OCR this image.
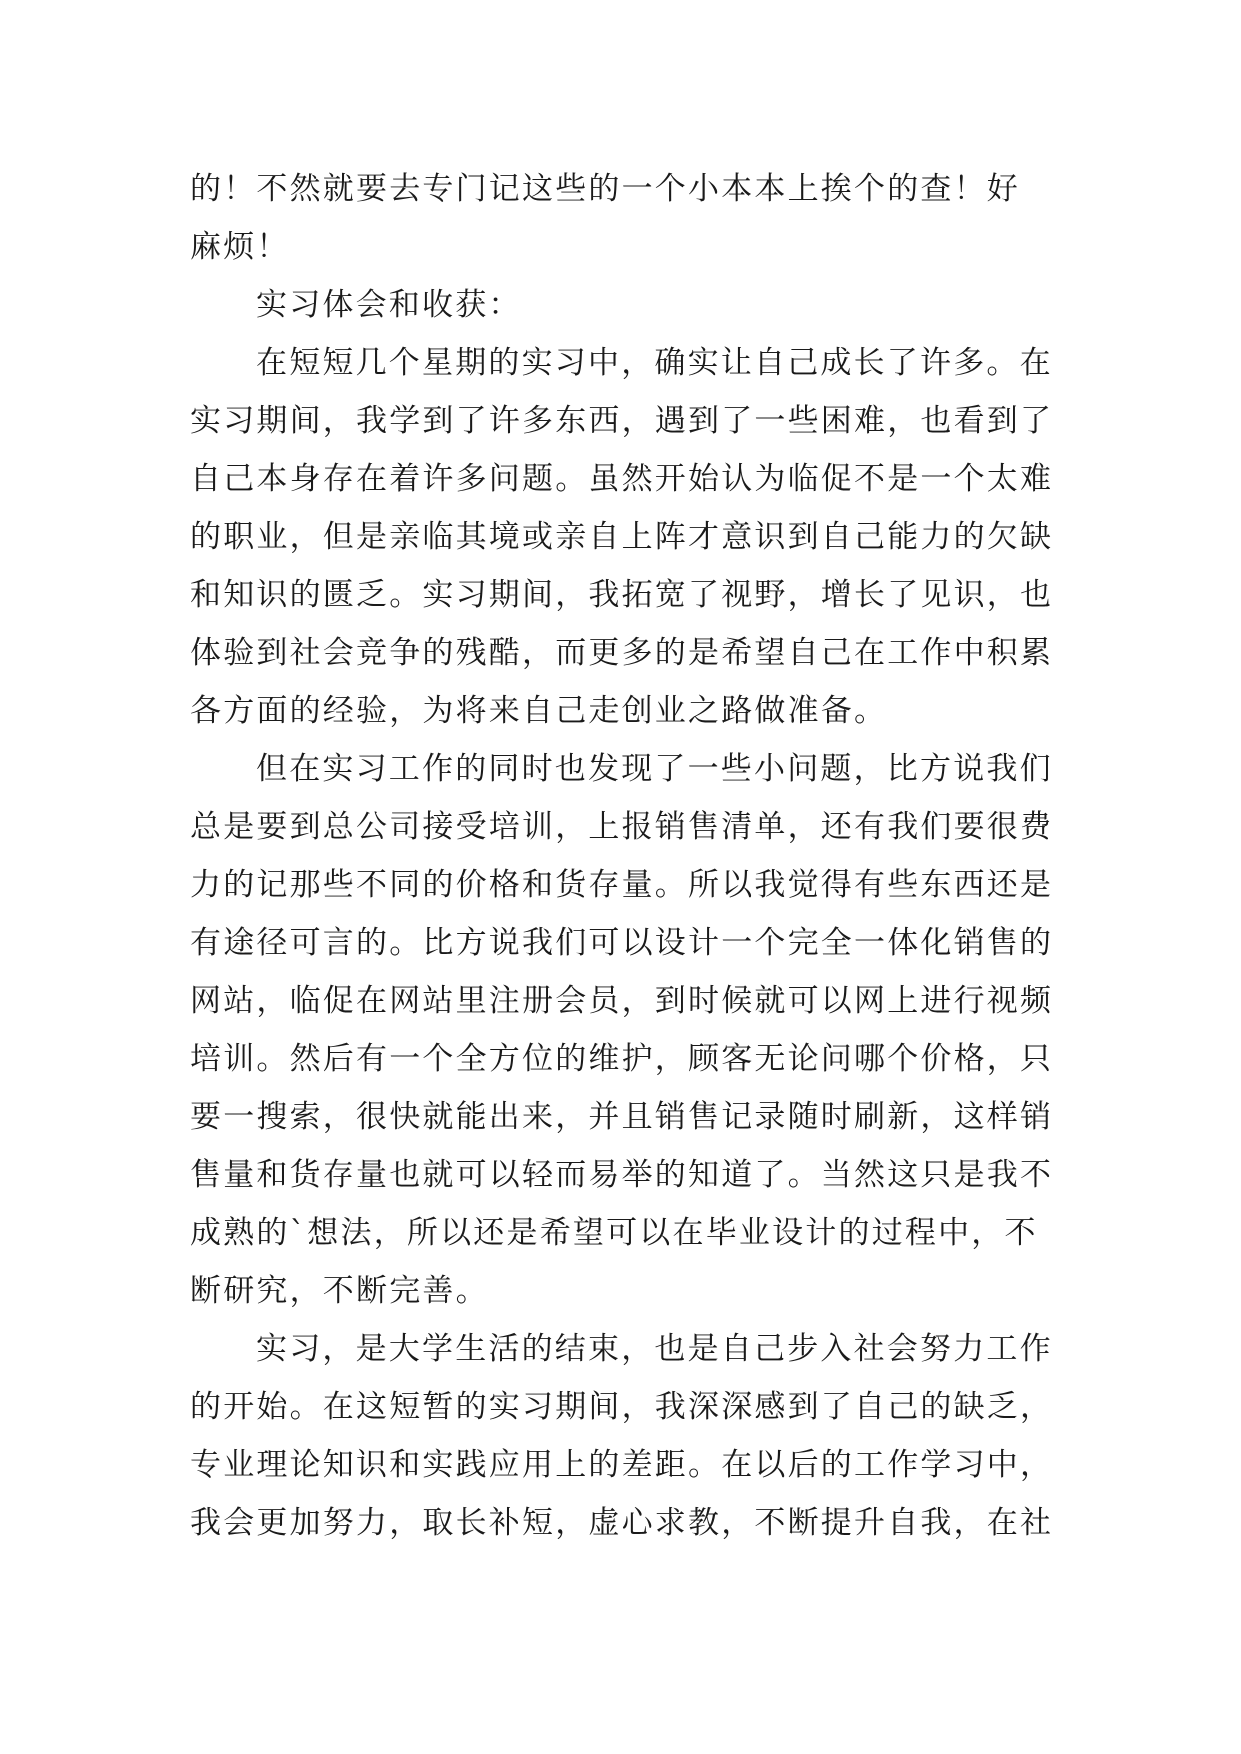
的！不然就要去专门记这些的一个小本本上挨个的查！好
麻烦！
实习体会和收获：
在短短几个星期的实习中，确实让自己成长了许多。在
实习期间，我学到了许多东西，遇到了一些困难，也看到了
自己本身存在着许多问题。虽然开始认为临促不是一个太难
的职业，但是亲临其境或亲自上阵才意识到自己能力的欠缺
和知识的匮乏。实习期间，我拓宽了视野，增长了见识，也
体验到社会竞争的残酷，而更多的是希望自己在工作中积累
各方面的经验，为将来自己走创业之路做准备。
但在实习工作的同时也发现了一些小问题，比方说我们
总是要到总公司接受培训，上报销售清单，还有我们要很费
力的记那些不同的价格和货存量。所以我觉得有些东西还是
有途径可言的。比方说我们可以设计一个完全一体化销售的
网站，临促在网站里注册会员，到时候就可以网上进行视频
培训。然后有一个全方位的维护，顾客无论问哪个价格，只
要一搜索，很快就能出来，并且销售记录随时刷新，这样销
售量和货存量也就可以轻而易举的知道了。当然这只是我不
成熟的`想法，所以还是希望可以在毕业设计的过程中，不
断研究，不断完善。
实习，是大学生活的结束，也是自己步入社会努力工作
的开始。在这短暂的实习期间，我深深感到了自己的缺乏，
专业理论知识和实践应用上的差距。在以后的工作学习中，
我会更加努力，取长补短，虚心求教，不断提升自我，在社
